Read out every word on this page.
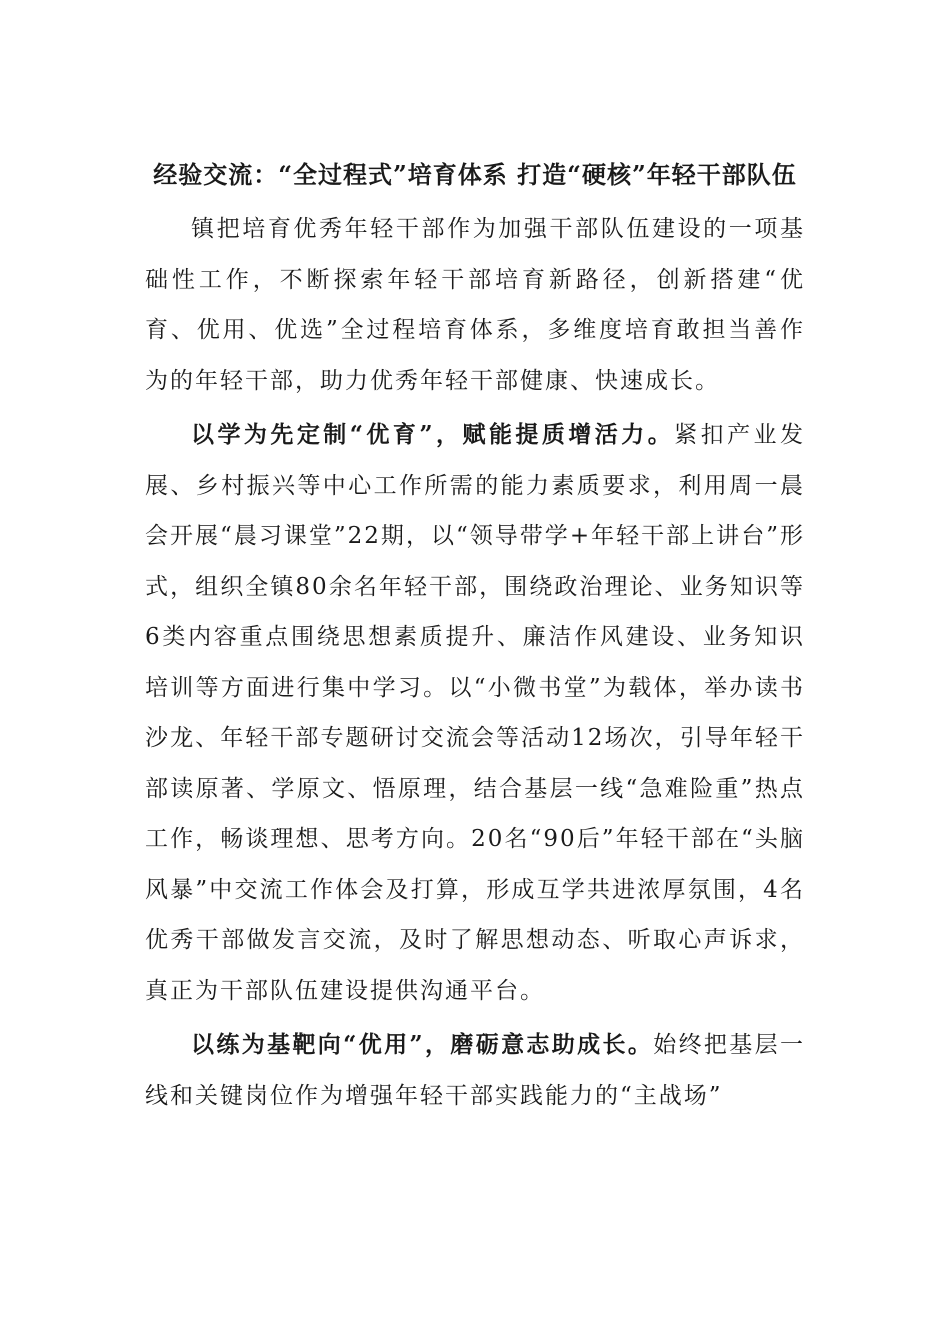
经验交流：“全过程式”培育体系 打造“硬核”年轻干部队伍

镇把培育优秀年轻干部作为加强干部队伍建设的一项基础性工作，不断探索年轻干部培育新路径，创新搭建“优育、优用、优选”全过程培育体系，多维度培育敢担当善作为的年轻干部，助力优秀年轻干部健康、快速成长。

以学为先定制“优育”，赋能提质增活力。紧扣产业发展、乡村振兴等中心工作所需的能力素质要求，利用周一晨会开展“晨习课堂”22期，以“领导带学+年轻干部上讲台”形式，组织全镇80余名年轻干部，围绕政治理论、业务知识等6类内容重点围绕思想素质提升、廉洁作风建设、业务知识培训等方面进行集中学习。以“小微书堂”为载体，举办读书沙龙、年轻干部专题研讨交流会等活动12场次，引导年轻干部读原著、学原文、悟原理，结合基层一线“急难险重”热点工作，畅谈理想、思考方向。20名“90后”年轻干部在“头脑风暴”中交流工作体会及打算，形成互学共进浓厚氛围，4名优秀干部做发言交流，及时了解思想动态、听取心声诉求，真正为干部队伍建设提供沟通平台。

以练为基靶向“优用”，磨砺意志助成长。始终把基层一线和关键岗位作为增强年轻干部实践能力的“主战场”
